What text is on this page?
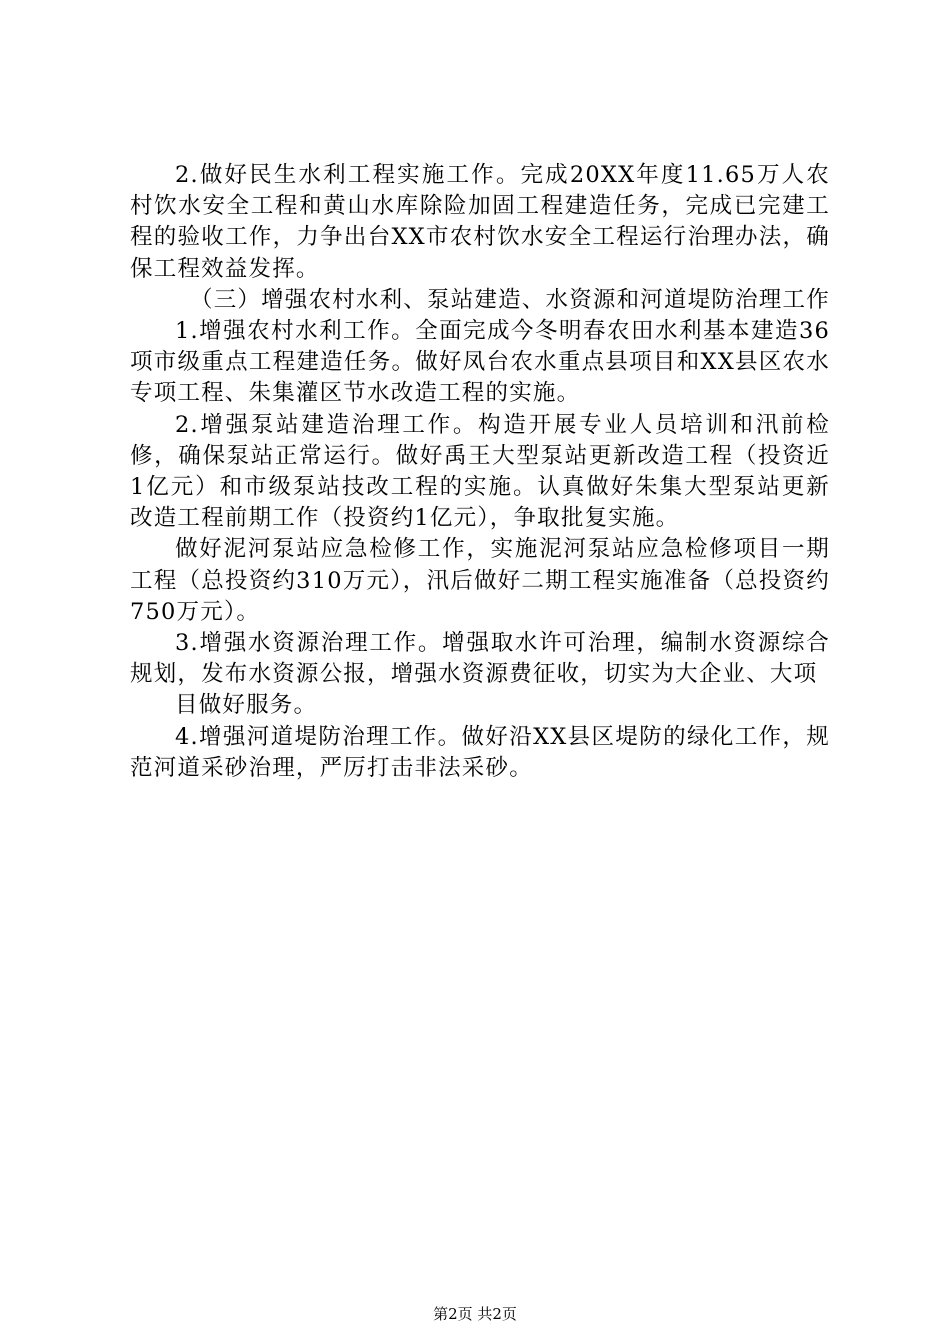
2.做好民生水利工程实施工作。完成20XX年度11.65万人农村饮水安全工程和黄山水库除险加固工程建造任务，完成已完建工程的验收工作，力争出台XX市农村饮水安全工程运行治理办法，确保工程效益发挥。

（三）增强农村水利、泵站建造、水资源和河道堤防治理工作

1.增强农村水利工作。全面完成今冬明春农田水利基本建造36项市级重点工程建造任务。做好凤台农水重点县项目和XX县区农水专项工程、朱集灌区节水改造工程的实施。

2.增强泵站建造治理工作。构造开展专业人员培训和汛前检修，确保泵站正常运行。做好禹王大型泵站更新改造工程（投资近1亿元）和市级泵站技改工程的实施。认真做好朱集大型泵站更新改造工程前期工作（投资约1亿元），争取批复实施。

做好泥河泵站应急检修工作，实施泥河泵站应急检修项目一期工程（总投资约310万元），汛后做好二期工程实施准备（总投资约750万元）。

3.增强水资源治理工作。增强取水许可治理，编制水资源综合规划，发布水资源公报，增强水资源费征收，切实为大企业、大项

目做好服务。

4.增强河道堤防治理工作。做好沿XX县区堤防的绿化工作，规范河道采砂治理，严厉打击非法采砂。

第2页 共2页
